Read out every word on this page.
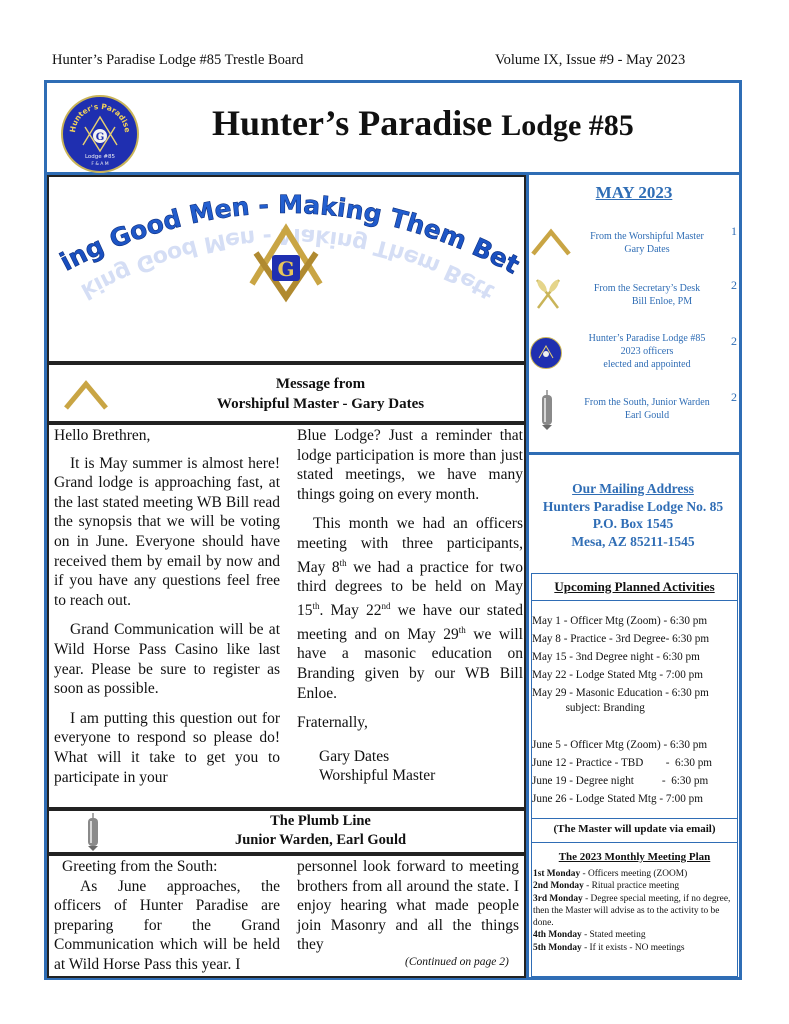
Hunter’s Paradise Lodge #85 Trestle Board	Volume IX, Issue #9 - May 2023
Hunter's Paradise
G
Lodge #85
F & A M
Hunter’s Paradise Lodge #85
ing Good Men - Making Them Bet
king Good Men - Making Them Bett
G
Message from
Worshipful Master - Gary Dates

Hello Brethren,

It is May summer is almost here! Grand lodge is approaching fast, at the last stated meeting WB Bill read the synopsis that we will be voting on in June. Everyone should have received them by email by now and if you have any questions feel free to reach out.

Grand Communication will be at Wild Horse Pass Casino like last year. Please be sure to register as soon as possible.

I am putting this question out for everyone to respond so please do! What will it take to get you to participate in your

Blue Lodge? Just a reminder that lodge participation is more than just stated meetings, we have many things going on every month.

This month we had an officers meeting with three participants, May 8th we had a practice for two third degrees to be held on May 15th. May 22nd we have our stated meeting and on May 29th we will have a masonic education on Branding given by our WB Bill Enloe.

Fraternally,

Gary Dates

Worshipful Master

The Plumb Line
Junior Warden, Earl Gould
Greeting from the South:
As June approaches, the officers of Hunter Paradise are preparing for the Grand Communication which will be held at Wild Horse Pass this year. I
personnel look forward to meeting brothers from all around the state. I enjoy hearing what made people join Masonry and all the things they
(Continued on page 2)
MAY 2023
From the Worshipful Master
Gary Dates
1
From the Secretary’s Desk
Bill Enloe, PM
2
Hunter’s Paradise Lodge #85
2023 officers
elected and appointed
2
From the South, Junior Warden
Earl Gould
2
Our Mailing Address
Hunters Paradise Lodge No. 85
P.O. Box 1545
Mesa, AZ 85211-1545
Upcoming Planned Activities
May 1 - Officer Mtg (Zoom) - 6:30 pm
May 8 - Practice - 3rd Degree- 6:30 pm
May 15 - 3nd Degree night - 6:30 pm
May 22 - Lodge Stated Mtg - 7:00 pm
May 29 - Masonic Education - 6:30 pm
subject: Branding
June 5 - Officer Mtg (Zoom) - 6:30 pm
June 12 - Practice - TBD        -  6:30 pm
June 19 - Degree night          -  6:30 pm
June 26 - Lodge Stated Mtg - 7:00 pm
(The Master will update via email)
The 2023 Monthly Meeting Plan
1st Monday - Officers meeting (ZOOM)
2nd Monday - Ritual practice meeting
3rd Monday - Degree special meeting, if no degree, then the Master will advise as to the activity to be done.
4th Monday - Stated meeting
5th Monday - If it exists - NO meetings
